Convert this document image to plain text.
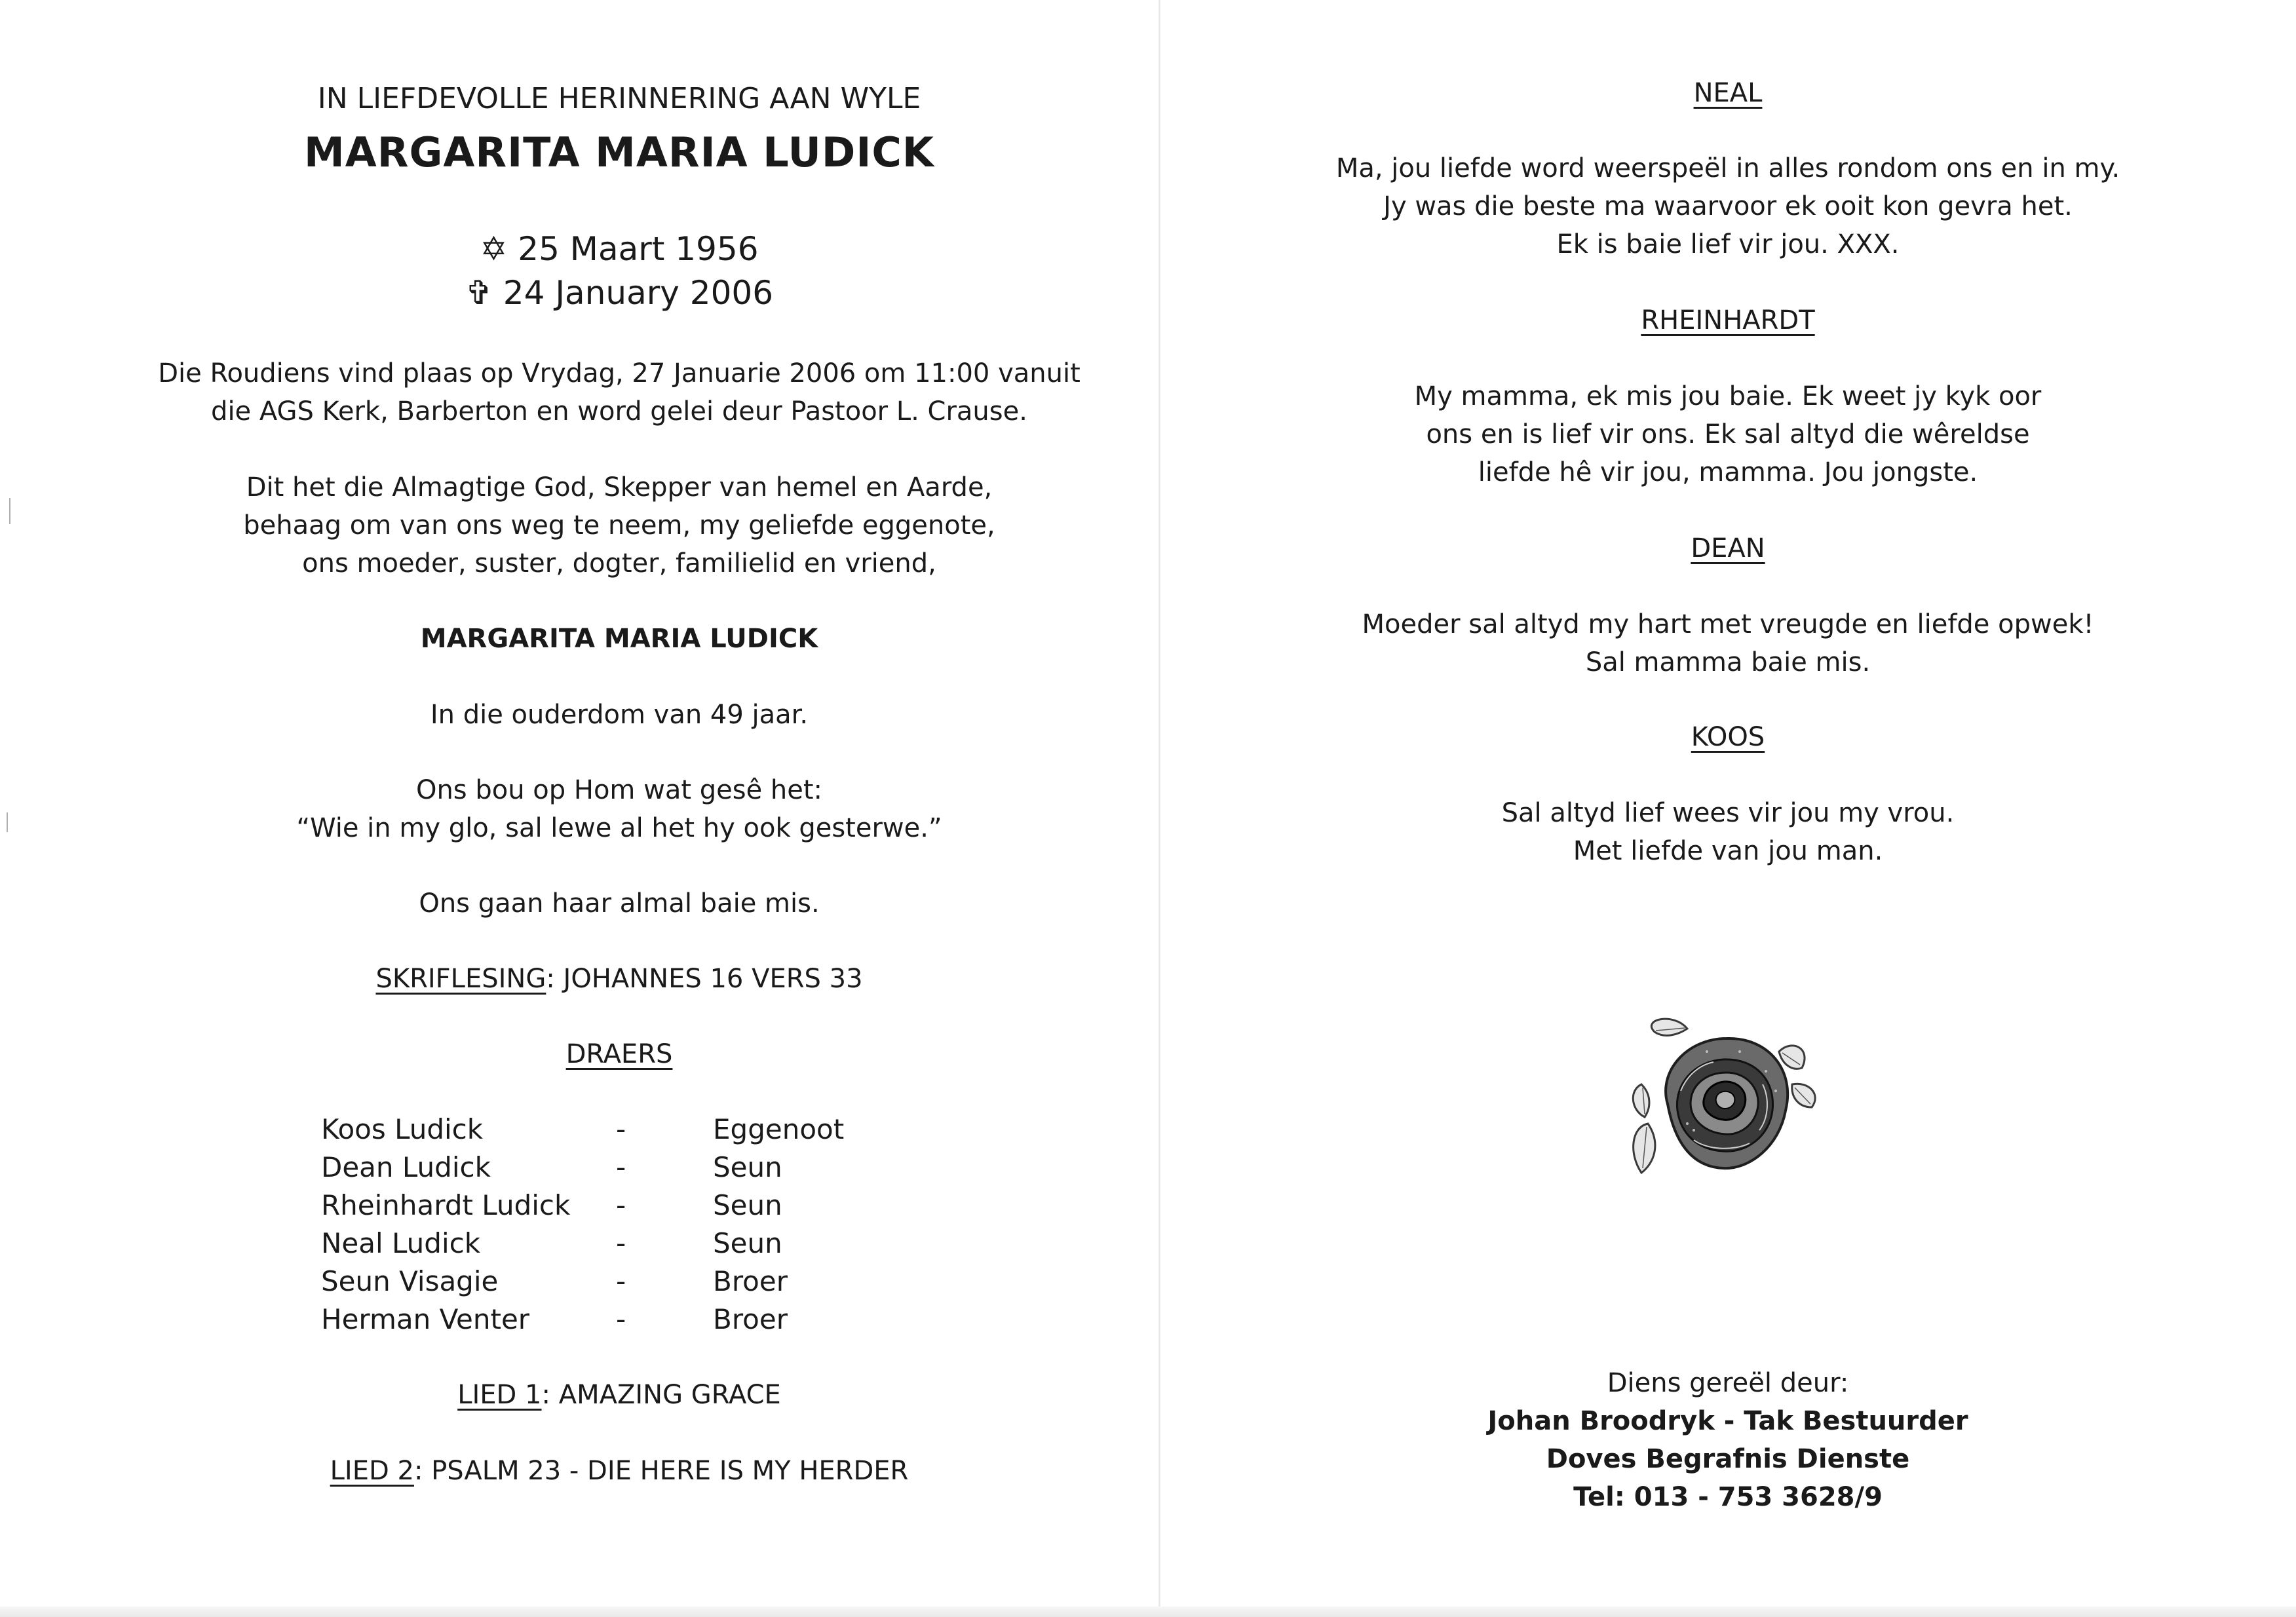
IN LIEFDEVOLLE HERINNERING AAN WYLE
MARGARITA MARIA LUDICK
✡ 25 Maart 1956
✞ 24 January 2006
Die Roudiens vind plaas op Vrydag, 27 Januarie 2006 om 11:00 vanuit
die AGS Kerk, Barberton en word gelei deur Pastoor L. Crause.
Dit het die Almagtige God, Skepper van hemel en Aarde,
behaag om van ons weg te neem, my geliefde eggenote,
ons moeder, suster, dogter, familielid en vriend,
MARGARITA MARIA LUDICK
In die ouderdom van 49 jaar.
Ons bou op Hom wat gesê het:
“Wie in my glo, sal lewe al het hy ook gesterwe.”
Ons gaan haar almal baie mis.
SKRIFLESING: JOHANNES 16 VERS 33
DRAERS
Koos Ludick	-	Eggenoot
Dean Ludick	-	Seun
Rheinhardt Ludick -	Seun
Neal Ludick	-	Seun
Seun Visagie	-	Broer
Herman Venter	-	Broer
LIED 1: AMAZING GRACE
LIED 2: PSALM 23 - DIE HERE IS MY HERDER
NEAL
Ma, jou liefde word weerspeël in alles rondom ons en in my.
Jy was die beste ma waarvoor ek ooit kon gevra het.
Ek is baie lief vir jou. XXX.
RHEINHARDT
My mamma, ek mis jou baie. Ek weet jy kyk oor
ons en is lief vir ons. Ek sal altyd die wêreldse
liefde hê vir jou, mamma. Jou jongste.
DEAN
Moeder sal altyd my hart met vreugde en liefde opwek!
Sal mamma baie mis.
KOOS
Sal altyd lief wees vir jou my vrou.
Met liefde van jou man.
Diens gereël deur:
Johan Broodryk - Tak Bestuurder
Doves Begrafnis Dienste
Tel: 013 - 753 3628/9
